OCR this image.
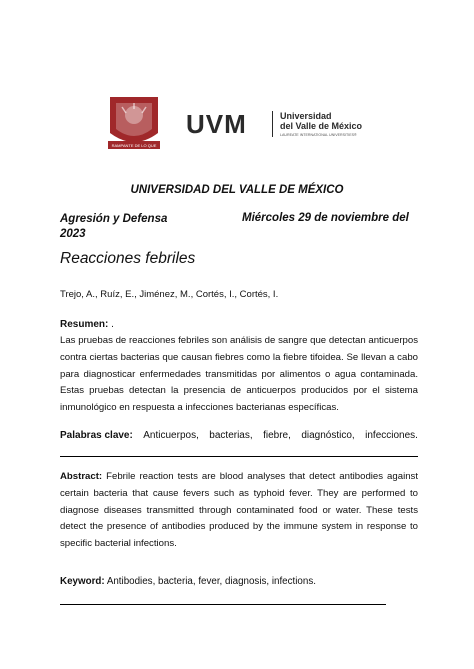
RAMPANTE DE LO QUE
UVM	Universidad
del Valle de México
LAUREATE INTERNATIONAL UNIVERSITIES®
UNIVERSIDAD DEL VALLE DE MÉXICO
Agresión y Defensa
2023
Miércoles 29 de noviembre del
Reacciones febriles
Trejo, A., Ruíz, E., Jiménez, M., Cortés, I., Cortés, I.
Resumen: .
Las pruebas de reacciones febriles son análisis de sangre que detectan anticuerpos contra ciertas bacterias que causan fiebres como la fiebre tifoidea. Se llevan a cabo para diagnosticar enfermedades transmitidas por alimentos o agua contaminada. Estas pruebas detectan la presencia de anticuerpos producidos por el sistema inmunológico en respuesta a infecciones bacterianas específicas.
Palabras clave: Anticuerpos, bacterias, fiebre, diagnóstico, infecciones.
Abstract: Febrile reaction tests are blood analyses that detect antibodies against certain bacteria that cause fevers such as typhoid fever. They are performed to diagnose diseases transmitted through contaminated food or water. These tests detect the presence of antibodies produced by the immune system in response to specific bacterial infections.
Keyword: Antibodies, bacteria, fever, diagnosis, infections.
